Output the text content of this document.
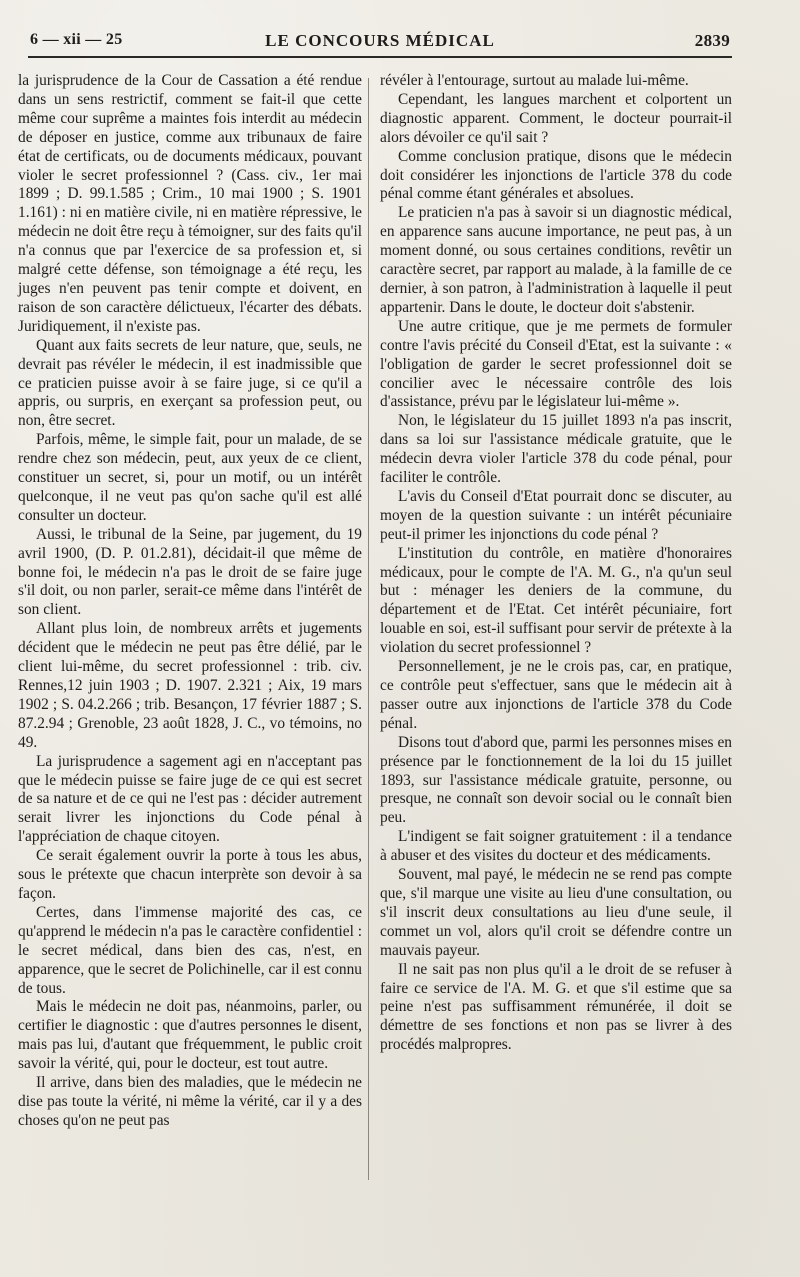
6 — xii — 25	LE CONCOURS MÉDICAL	2839

la jurisprudence de la Cour de Cassation a été rendue dans un sens restrictif, comment se fait-il que cette même cour suprême a maintes fois interdit au médecin de déposer en justice, comme aux tribunaux de faire état de certificats, ou de documents médicaux, pouvant violer le secret professionnel ? (Cass. civ., 1er mai 1899 ; D. 99.1.585 ; Crim., 10 mai 1900 ; S. 1901 1.161) : ni en matière civile, ni en matière répressive, le médecin ne doit être reçu à témoigner, sur des faits qu'il n'a connus que par l'exercice de sa profession et, si malgré cette défense, son témoignage a été reçu, les juges n'en peuvent pas tenir compte et doivent, en raison de son caractère délictueux, l'écarter des débats. Juridiquement, il n'existe pas.

Quant aux faits secrets de leur nature, que, seuls, ne devrait pas révéler le médecin, il est inadmissible que ce praticien puisse avoir à se faire juge, si ce qu'il a appris, ou surpris, en exerçant sa profession peut, ou non, être secret.

Parfois, même, le simple fait, pour un malade, de se rendre chez son médecin, peut, aux yeux de ce client, constituer un secret, si, pour un motif, ou un intérêt quelconque, il ne veut pas qu'on sache qu'il est allé consulter un docteur.

Aussi, le tribunal de la Seine, par jugement, du 19 avril 1900, (D. P. 01.2.81), décidait-il que même de bonne foi, le médecin n'a pas le droit de se faire juge s'il doit, ou non parler, serait-ce même dans l'intérêt de son client.

Allant plus loin, de nombreux arrêts et jugements décident que le médecin ne peut pas être délié, par le client lui-même, du secret professionnel : trib. civ. Rennes,12 juin 1903 ; D. 1907. 2.321 ; Aix, 19 mars 1902 ; S. 04.2.266 ; trib. Besançon, 17 février 1887 ; S. 87.2.94 ; Grenoble, 23 août 1828, J. C., vo témoins, no 49.

La jurisprudence a sagement agi en n'acceptant pas que le médecin puisse se faire juge de ce qui est secret de sa nature et de ce qui ne l'est pas : décider autrement serait livrer les injonctions du Code pénal à l'appréciation de chaque citoyen.

Ce serait également ouvrir la porte à tous les abus, sous le prétexte que chacun interprète son devoir à sa façon.

Certes, dans l'immense majorité des cas, ce qu'apprend le médecin n'a pas le caractère confidentiel : le secret médical, dans bien des cas, n'est, en apparence, que le secret de Polichinelle, car il est connu de tous.

Mais le médecin ne doit pas, néanmoins, parler, ou certifier le diagnostic : que d'autres personnes le disent, mais pas lui, d'autant que fréquemment, le public croit savoir la vérité, qui, pour le docteur, est tout autre.

Il arrive, dans bien des maladies, que le médecin ne dise pas toute la vérité, ni même la vérité, car il y a des choses qu'on ne peut pas

révéler à l'entourage, surtout au malade lui-même.

Cependant, les langues marchent et colportent un diagnostic apparent. Comment, le docteur pourrait-il alors dévoiler ce qu'il sait ?

Comme conclusion pratique, disons que le médecin doit considérer les injonctions de l'article 378 du code pénal comme étant générales et absolues.

Le praticien n'a pas à savoir si un diagnostic médical, en apparence sans aucune importance, ne peut pas, à un moment donné, ou sous certaines conditions, revêtir un caractère secret, par rapport au malade, à la famille de ce dernier, à son patron, à l'administration à laquelle il peut appartenir. Dans le doute, le docteur doit s'abstenir.

Une autre critique, que je me permets de formuler contre l'avis précité du Conseil d'Etat, est la suivante : « l'obligation de garder le secret professionnel doit se concilier avec le nécessaire contrôle des lois d'assistance, prévu par le législateur lui-même ».

Non, le législateur du 15 juillet 1893 n'a pas inscrit, dans sa loi sur l'assistance médicale gratuite, que le médecin devra violer l'article 378 du code pénal, pour faciliter le contrôle.

L'avis du Conseil d'Etat pourrait donc se discuter, au moyen de la question suivante : un intérêt pécuniaire peut-il primer les injonctions du code pénal ?

L'institution du contrôle, en matière d'honoraires médicaux, pour le compte de l'A. M. G., n'a qu'un seul but : ménager les deniers de la commune, du département et de l'Etat. Cet intérêt pécuniaire, fort louable en soi, est-il suffisant pour servir de prétexte à la violation du secret professionnel ?

Personnellement, je ne le crois pas, car, en pratique, ce contrôle peut s'effectuer, sans que le médecin ait à passer outre aux injonctions de l'article 378 du Code pénal.

Disons tout d'abord que, parmi les personnes mises en présence par le fonctionnement de la loi du 15 juillet 1893, sur l'assistance médicale gratuite, personne, ou presque, ne connaît son devoir social ou le connaît bien peu.

L'indigent se fait soigner gratuitement : il a tendance à abuser et des visites du docteur et des médicaments.

Souvent, mal payé, le médecin ne se rend pas compte que, s'il marque une visite au lieu d'une consultation, ou s'il inscrit deux consultations au lieu d'une seule, il commet un vol, alors qu'il croit se défendre contre un mauvais payeur.

Il ne sait pas non plus qu'il a le droit de se refuser à faire ce service de l'A. M. G. et que s'il estime que sa peine n'est pas suffisamment rémunérée, il doit se démettre de ses fonctions et non pas se livrer à des procédés malpropres.
